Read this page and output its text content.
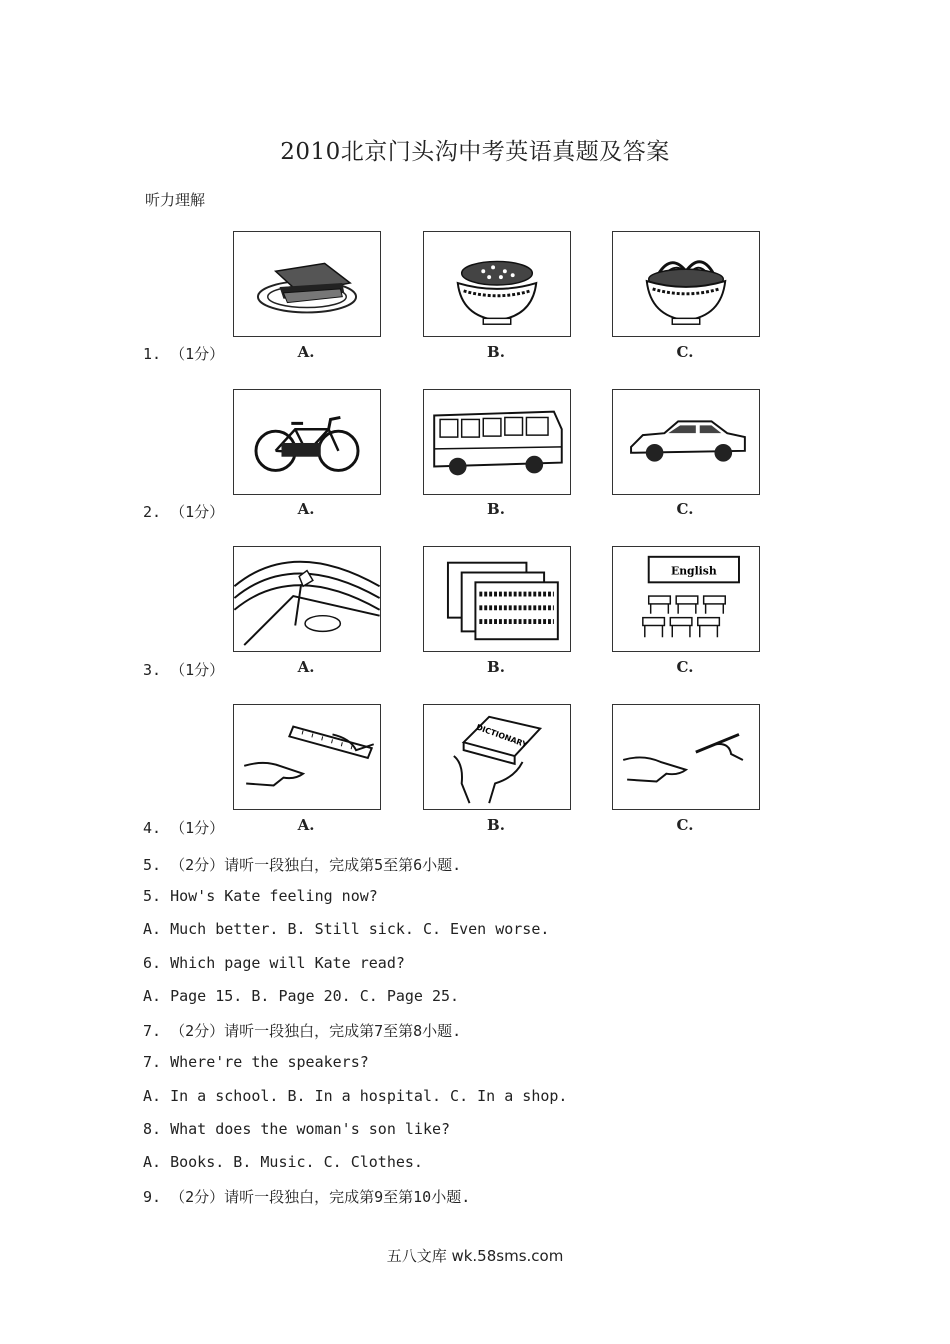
2010北京门头沟中考英语真题及答案
听力理解
1. （1分）	A.	B.	C.
2. （1分）	A.	B.	C.
3. （1分）
English
A.	B.	C.
4. （1分）
DICTIONARY
A.	B.	C.
5. （2分）请听一段独白，完成第5至第6小题.
5. How's Kate feeling now?
A. Much better. B. Still sick. C. Even worse.
6. Which page will Kate read?
A. Page 15. B. Page 20. C. Page 25.
7. （2分）请听一段独白，完成第7至第8小题.
7. Where're the speakers?
A. In a school. B. In a hospital. C. In a shop.
8. What does the woman's son like?
A. Books. B. Music. C. Clothes.
9. （2分）请听一段独白，完成第9至第10小题.
五八文库 wk.58sms.com
